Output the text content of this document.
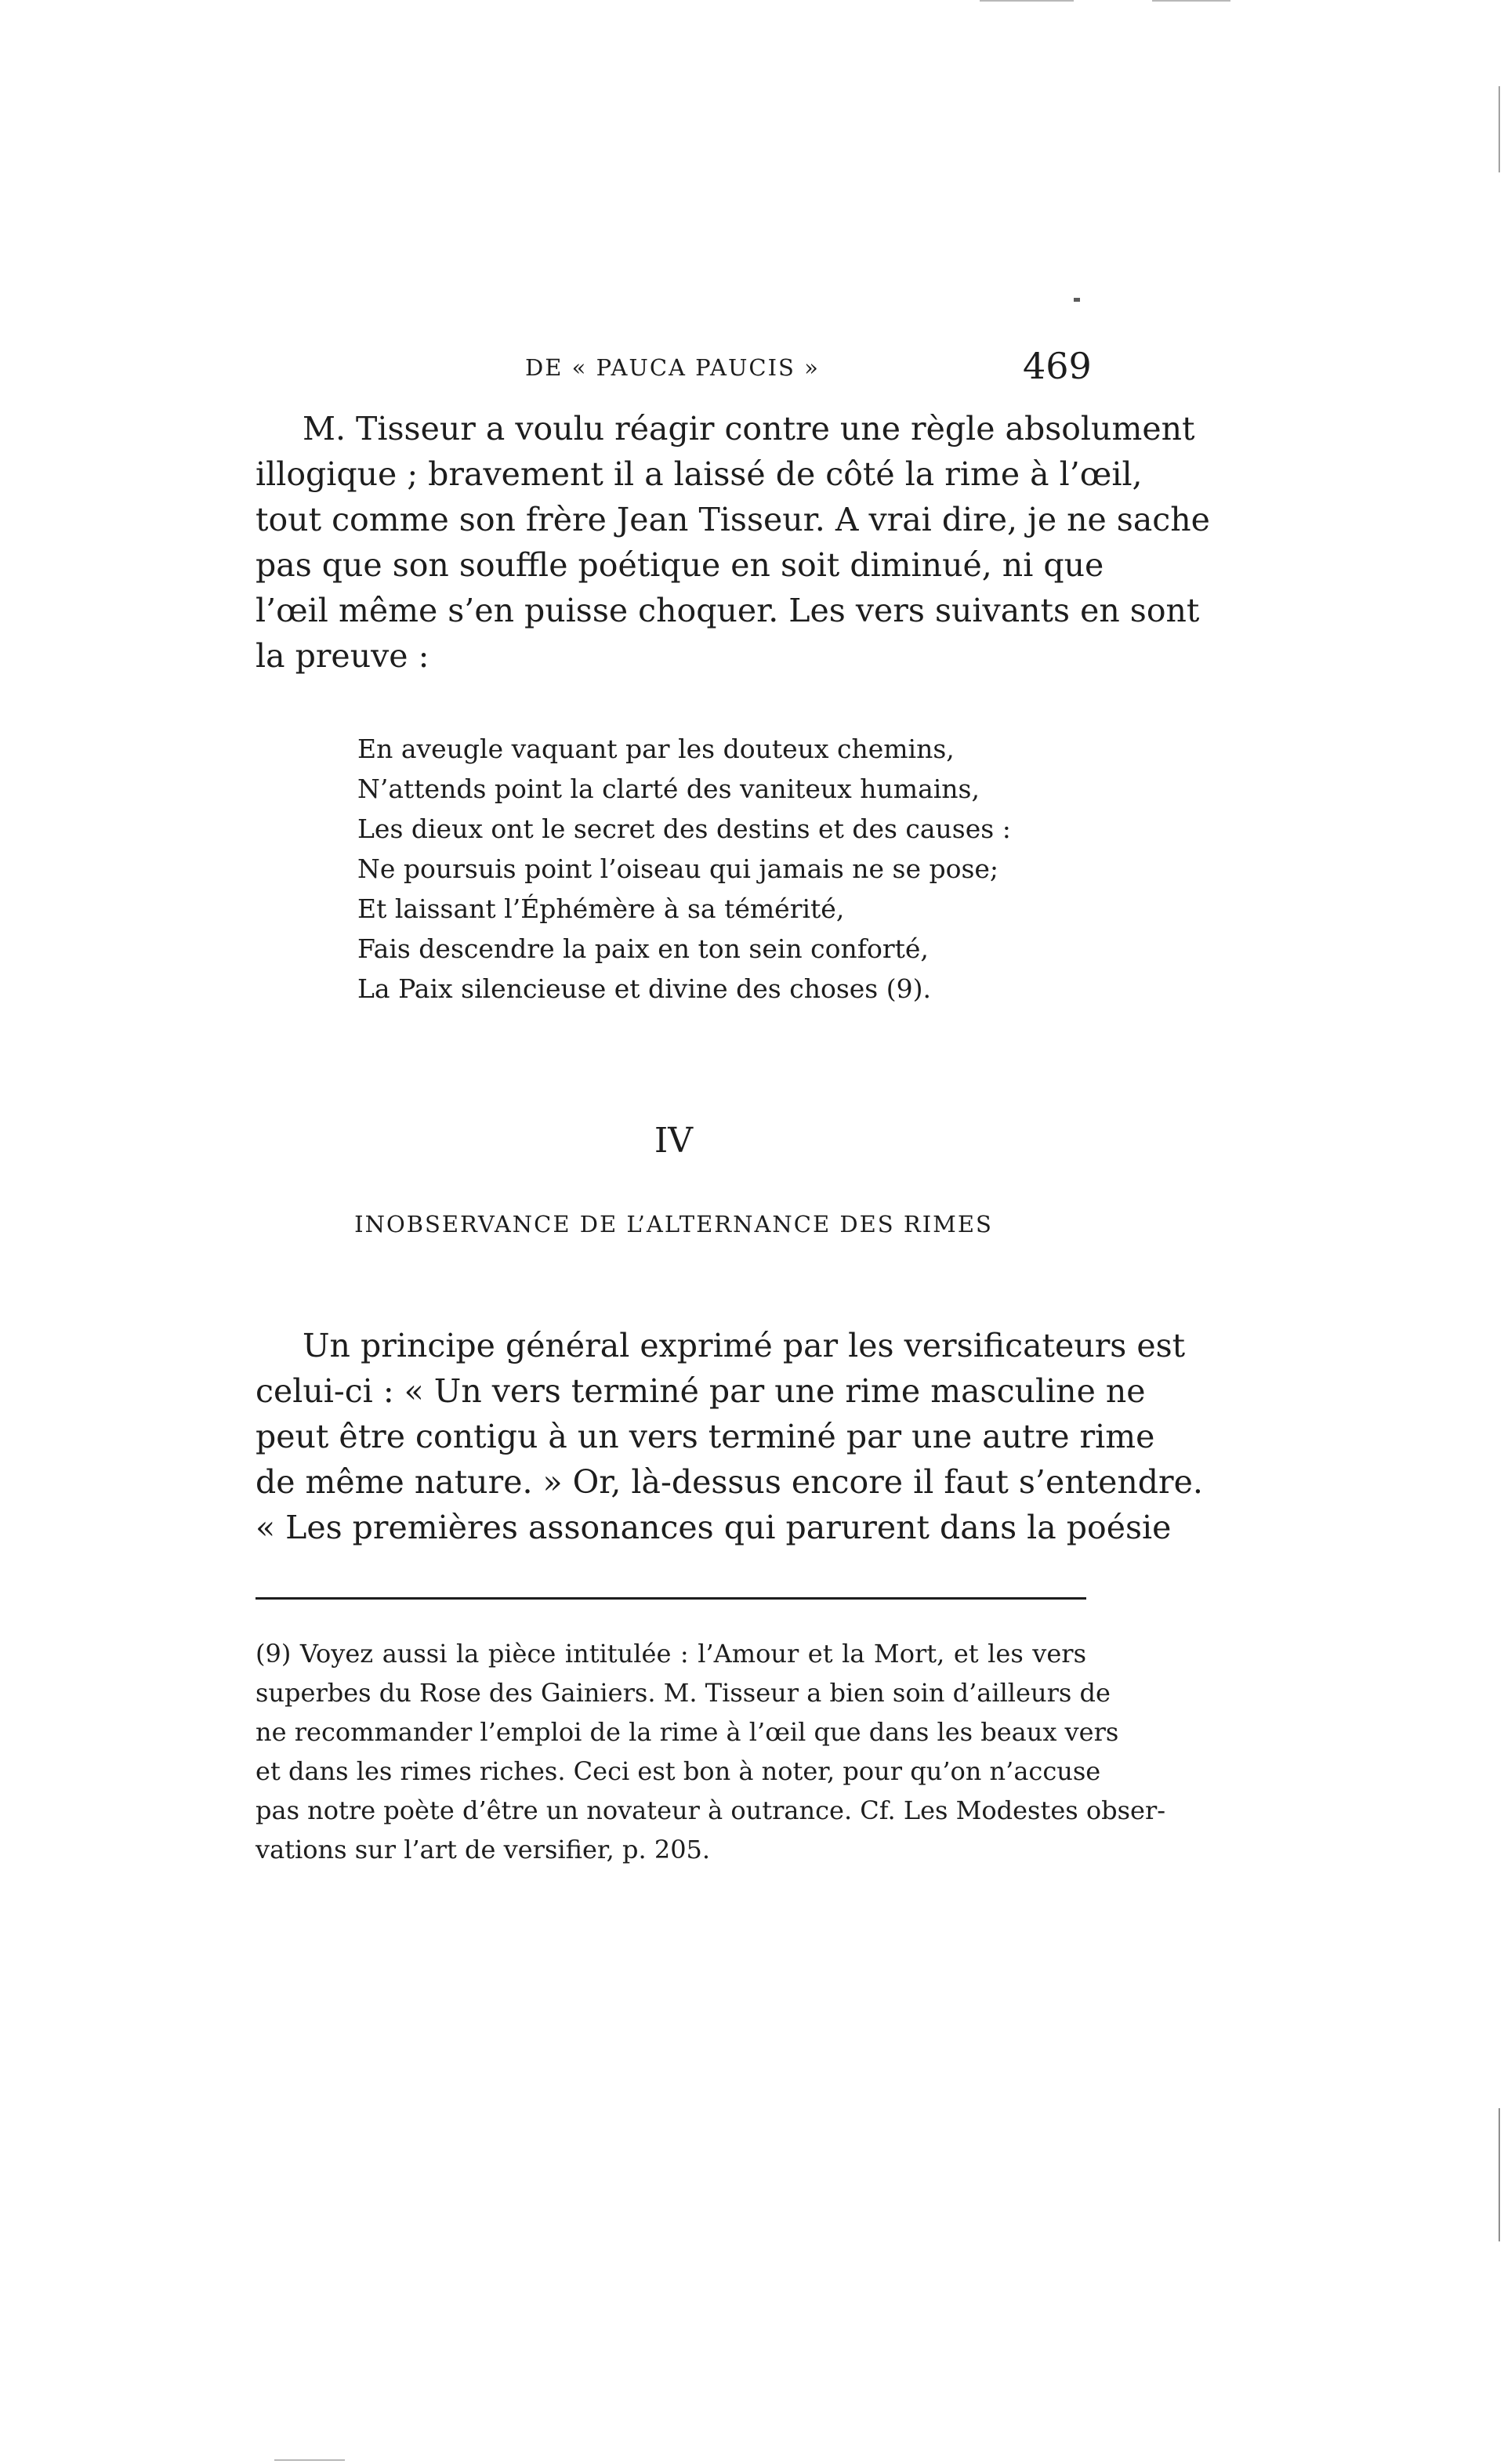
DE « PAUCA PAUCIS »	469
M. Tisseur a voulu réagir contre une règle absolument
illogique ; bravement il a laissé de côté la rime à l’œil,
tout comme son frère Jean Tisseur. A vrai dire, je ne sache
pas que son souffle poétique en soit diminué, ni que
l’œil même s’en puisse choquer. Les vers suivants en sont
la preuve :
En aveugle vaquant par les douteux chemins,
N’attends point la clarté des vaniteux humains,
Les dieux ont le secret des destins et des causes :
Ne poursuis point l’oiseau qui jamais ne se pose;
Et laissant l’Éphémère à sa témérité,
Fais descendre la paix en ton sein conforté,
La Paix silencieuse et divine des choses (9).
IV
INOBSERVANCE DE L’ALTERNANCE DES RIMES
Un principe général exprimé par les versificateurs est
celui-ci : « Un vers terminé par une rime masculine ne
peut être contigu à un vers terminé par une autre rime
de même nature. » Or, là-dessus encore il faut s’entendre.
« Les premières assonances qui parurent dans la poésie
(9) Voyez aussi la pièce intitulée : l’Amour et la Mort, et les vers
superbes du Rose des Gainiers. M. Tisseur a bien soin d’ailleurs de
ne recommander l’emploi de la rime à l’œil que dans les beaux vers
et dans les rimes riches. Ceci est bon à noter, pour qu’on n’accuse
pas notre poète d’être un novateur à outrance. Cf. Les Modestes obser-
vations sur l’art de versifier, p. 205.
